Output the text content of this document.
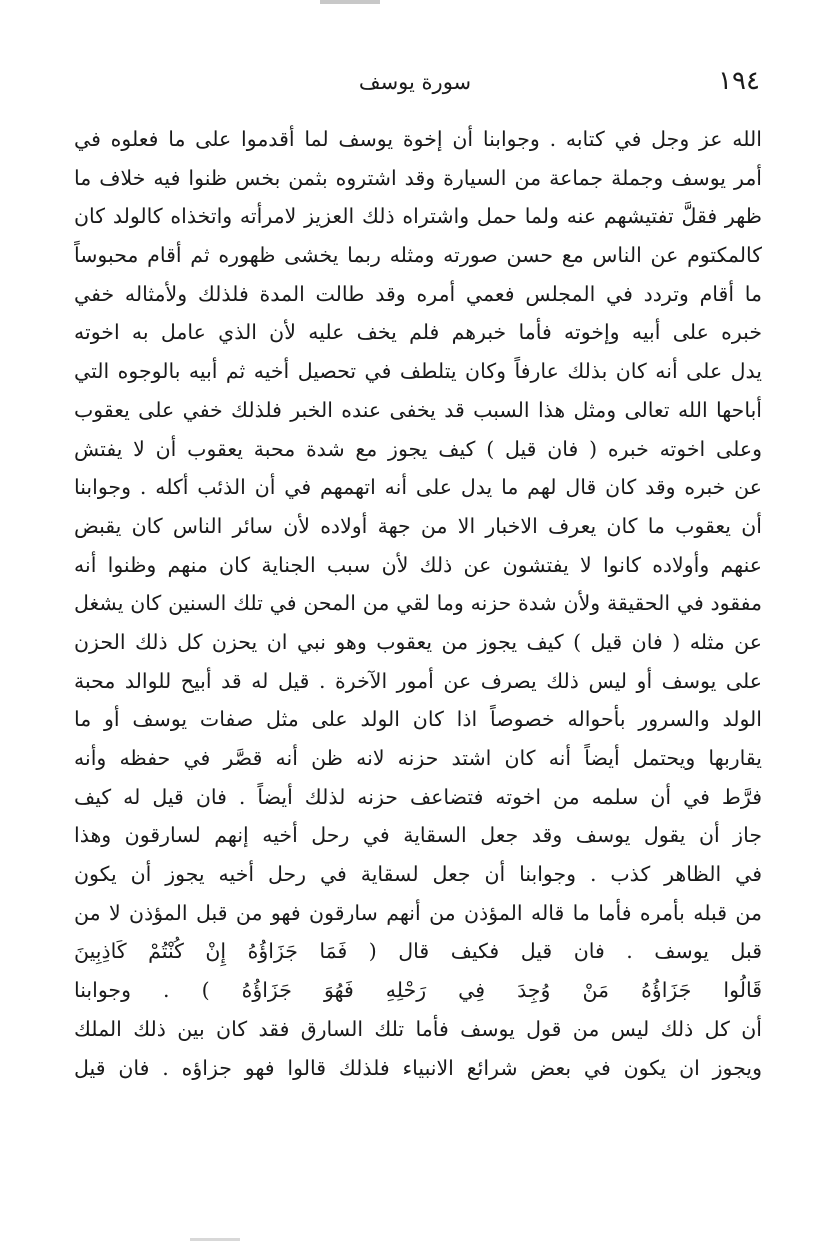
١٩٤
سورة يوسف
الله عز وجل في كتابه . وجوابنا أن إخوة يوسف لما أقدموا على ما فعلوه في
أمر يوسف وجملة جماعة من السيارة وقد اشتروه بثمن بخس ظنوا فيه خلاف ما
ظهر فقلَّ تفتيشهم عنه ولما حمل واشتراه ذلك العزيز لامرأته واتخذاه كالولد كان
كالمكتوم عن الناس مع حسن صورته ومثله ربما يخشى ظهوره ثم أقام محبوساً
ما أقام وتردد في المجلس فعمي أمره وقد طالت المدة فلذلك ولأمثاله خفي
خبره على أبيه وإخوته فأما خبرهم فلم يخف عليه لأن الذي عامل به اخوته
يدل على أنه كان بذلك عارفاً وكان يتلطف في تحصيل أخيه ثم أبيه بالوجوه التي
أباحها الله تعالى ومثل هذا السبب قد يخفى عنده الخبر فلذلك خفي على يعقوب
وعلى اخوته خبره ( فان قيل ) كيف يجوز مع شدة محبة يعقوب أن لا يفتش
عن خبره وقد كان قال لهم ما يدل على أنه اتهمهم في أن الذئب أكله . وجوابنا
أن يعقوب ما كان يعرف الاخبار الا من جهة أولاده لأن سائر الناس كان يقبض
عنهم وأولاده كانوا لا يفتشون عن ذلك لأن سبب الجناية كان منهم وظنوا أنه
مفقود في الحقيقة ولأن شدة حزنه وما لقي من المحن في تلك السنين كان يشغل
عن مثله ( فان قيل ) كيف يجوز من يعقوب وهو نبي ان يحزن كل ذلك الحزن
على يوسف أو ليس ذلك يصرف عن أمور الآخرة . قيل له قد أبيح للوالد محبة
الولد والسرور بأحواله خصوصاً اذا كان الولد على مثل صفات يوسف أو ما
يقاربها ويحتمل أيضاً أنه كان اشتد حزنه لانه ظن أنه قصَّر في حفظه وأنه
فرَّط في أن سلمه من اخوته فتضاعف حزنه لذلك أيضاً . فان قيل له كيف
جاز أن يقول يوسف وقد جعل السقاية في رحل أخيه إنهم لسارقون وهذا
في الظاهر كذب . وجوابنا أن جعل لسقاية في رحل أخيه يجوز أن يكون
من قبله بأمره فأما ما قاله المؤذن من أنهم سارقون فهو من قبل المؤذن لا من
قبل يوسف . فان قيل فكيف قال ( فَمَا جَزَاؤُهُ إِنْ كُنْتُمْ كَاذِبِينَ
قَالُوا جَزَاؤُهُ مَنْ وُجِدَ فِي رَحْلِهِ فَهُوَ جَزَاؤُهُ ) . وجوابنا
أن كل ذلك ليس من قول يوسف فأما تلك السارق فقد كان بين ذلك الملك
ويجوز ان يكون في بعض شرائع الانبياء فلذلك قالوا فهو جزاؤه . فان قيل
